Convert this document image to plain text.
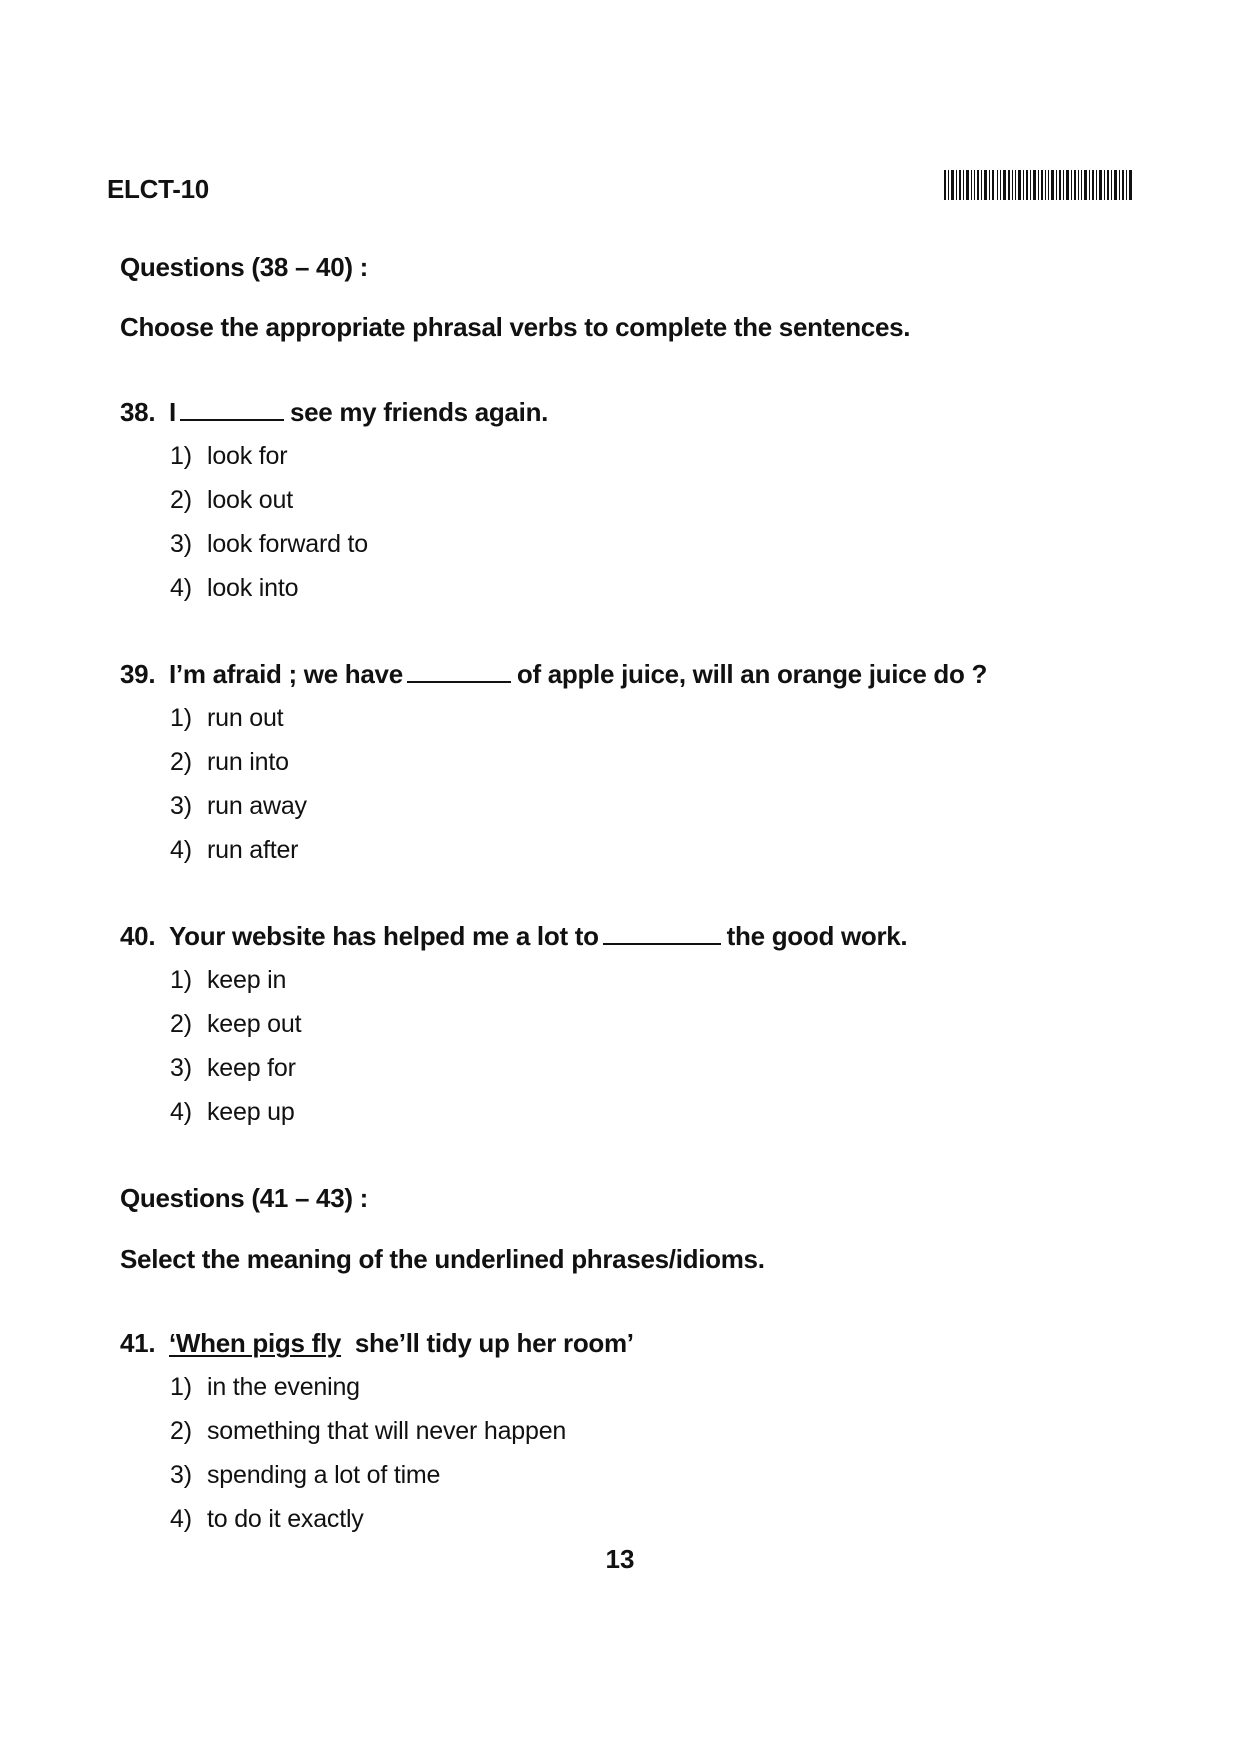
ELCT-10
Questions (38 – 40) :
Choose the appropriate phrasal verbs to complete the sentences.
38. I	see my friends again.
1) look for
2) look out
3) look forward to
4) look into
39. I’m afraid ; we have	of apple juice, will an orange juice do ?
1) run out
2) run into
3) run away
4) run after
40. Your website has helped me a lot to	the good work.
1) keep in
2) keep out
3) keep for
4) keep up
Questions (41 – 43) :
Select the meaning of the underlined phrases/idioms.
41. ‘When pigs fly she’ll tidy up her room’
1) in the evening
2) something that will never happen
3) spending a lot of time
4) to do it exactly
13
